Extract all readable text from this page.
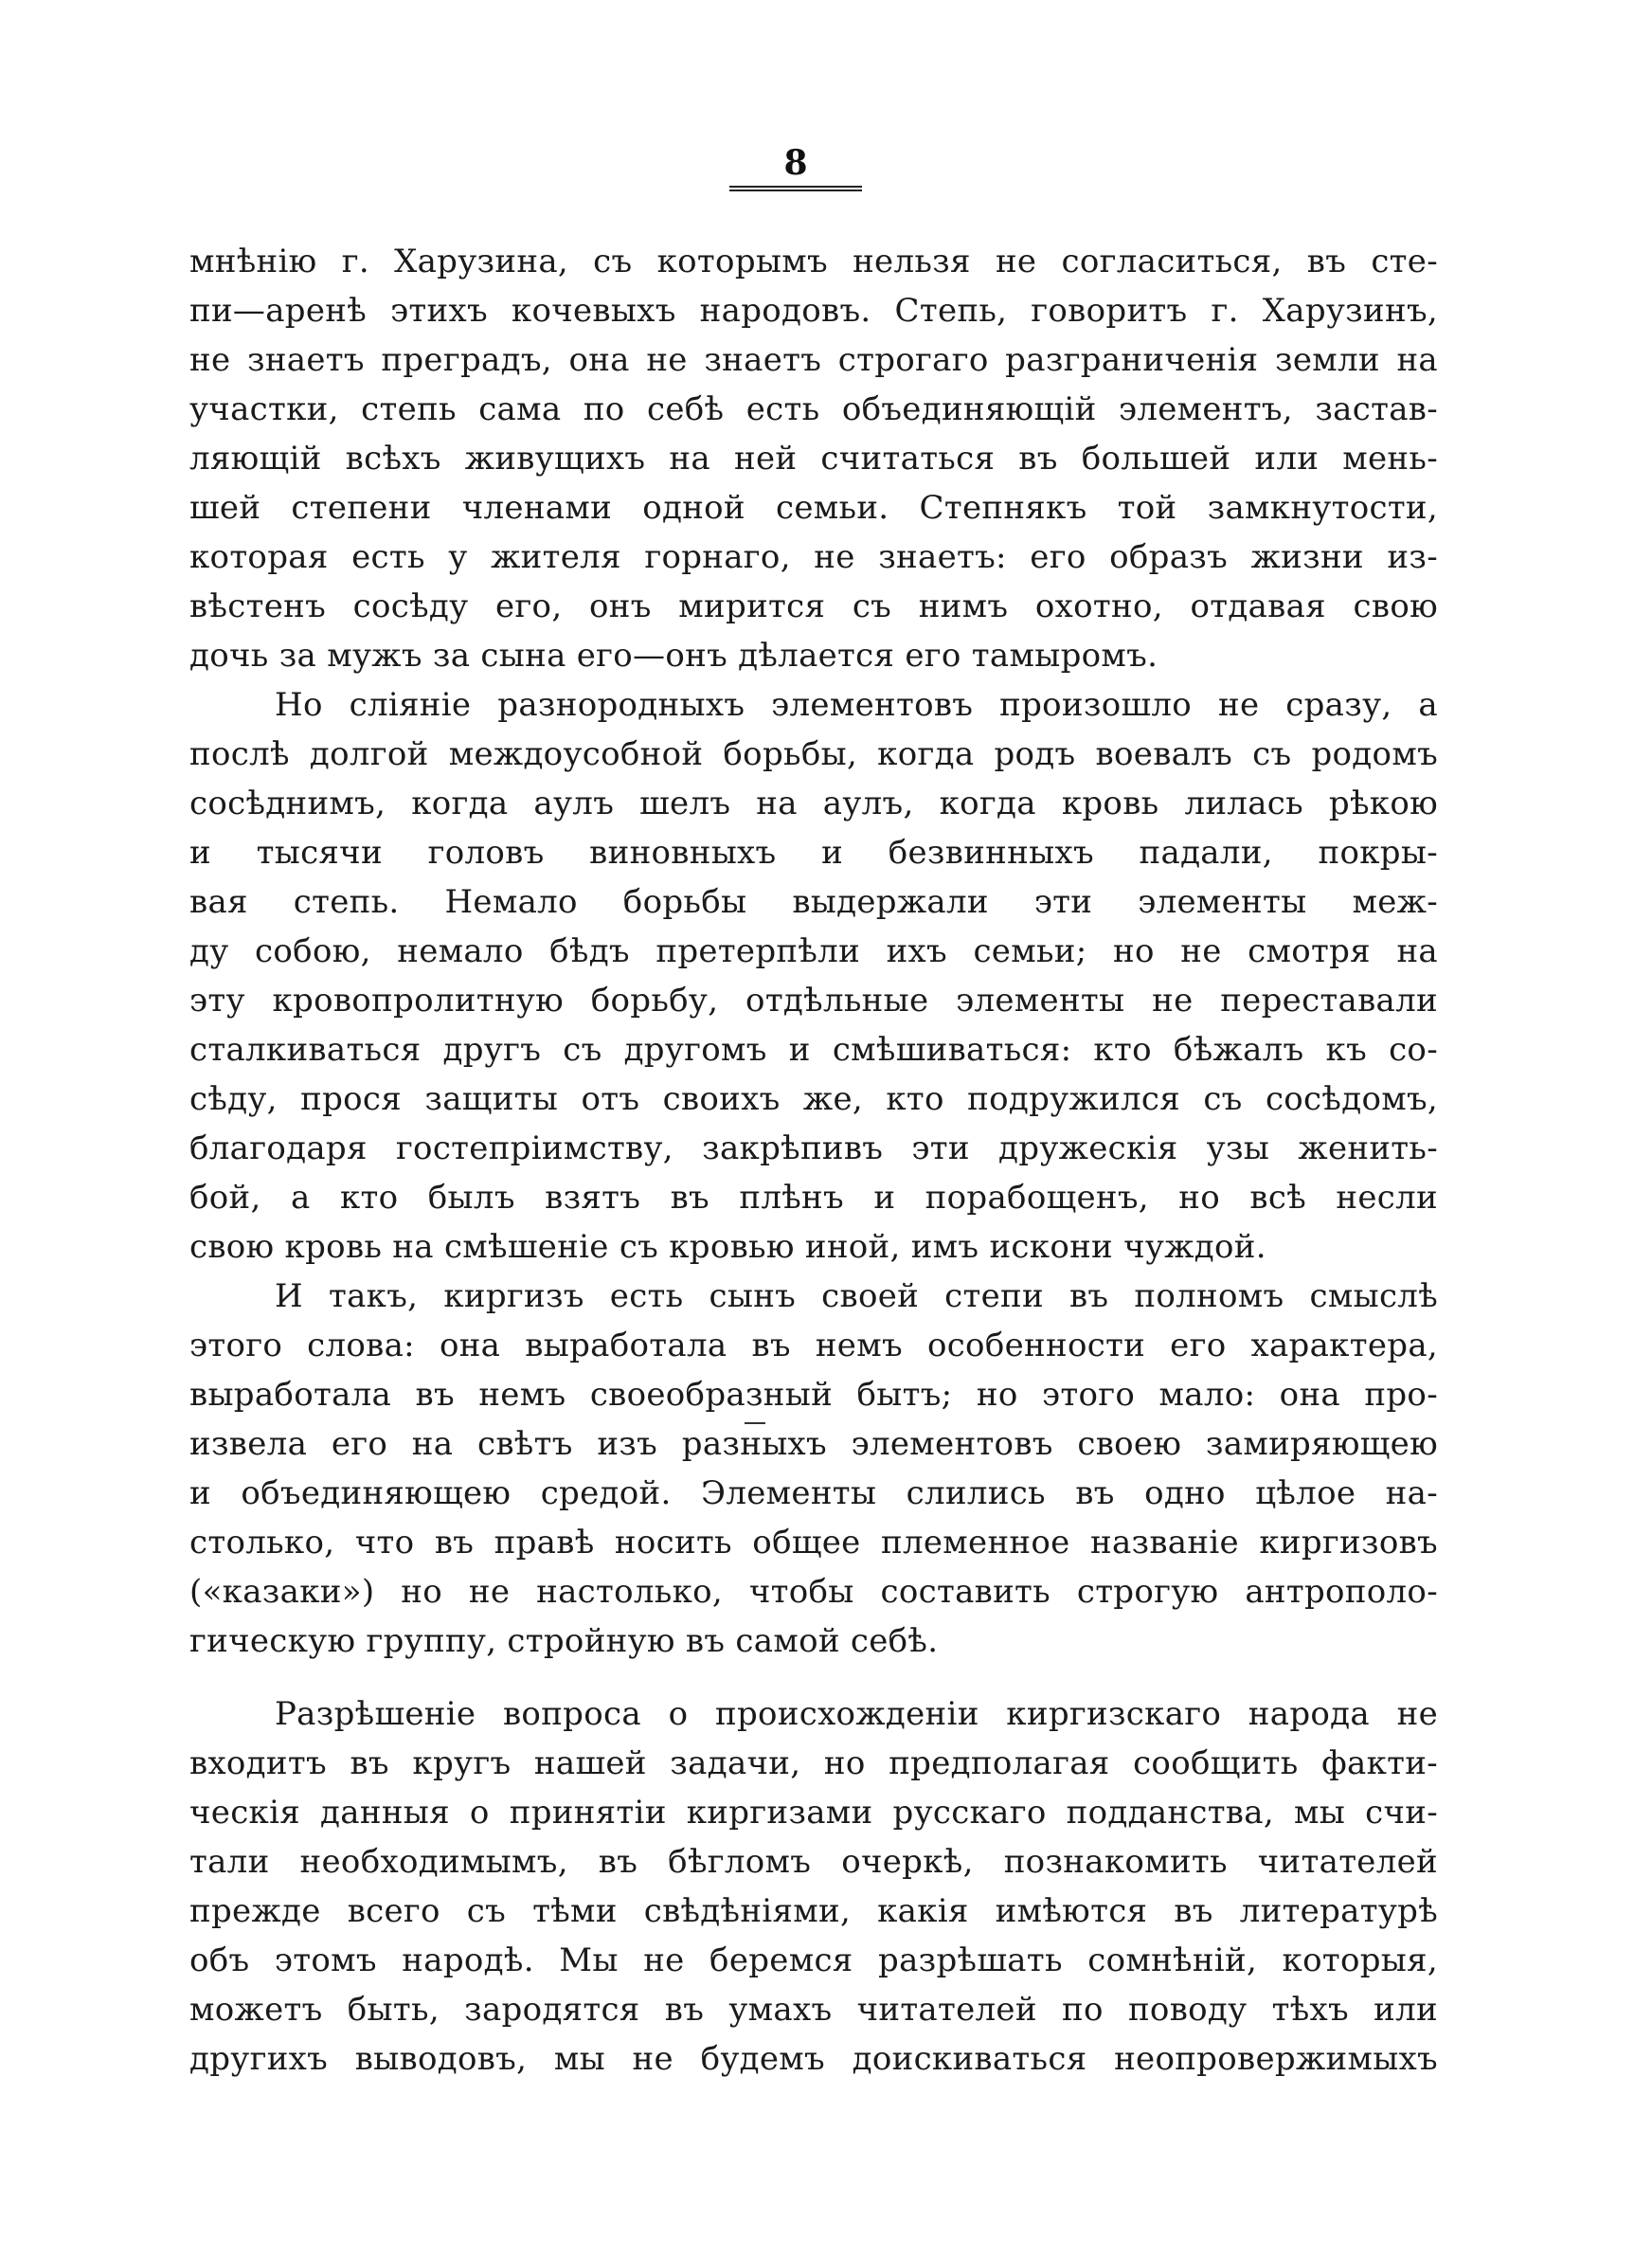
8
мнѣнію г. Харузина, съ которымъ нельзя не согласиться, въ сте-
пи—аренѣ этихъ кочевыхъ народовъ. Степь, говоритъ г. Харузинъ,
не знаетъ преградъ, она не знаетъ строгаго разграниченія земли на
участки, степь сама по себѣ есть объединяющій элементъ, застав-
ляющій всѣхъ живущихъ на ней считаться въ большей или мень-
шей степени членами одной семьи. Степнякъ той замкнутости,
которая есть у жителя горнаго, не знаетъ: его образъ жизни из-
вѣстенъ сосѣду его, онъ мирится съ нимъ охотно, отдавая свою
дочь за мужъ за сына его—онъ дѣлается его тамыромъ.
Но сліяніе разнородныхъ элементовъ произошло не сразу, а
послѣ долгой междоусобной борьбы, когда родъ воевалъ съ родомъ
сосѣднимъ, когда аулъ шелъ на аулъ, когда кровь лилась рѣкою
и тысячи головъ виновныхъ и безвинныхъ падали, покры-
вая степь. Немало борьбы выдержали эти элементы меж-
ду собою, немало бѣдъ претерпѣли ихъ семьи; но не смотря на
эту кровопролитную борьбу, отдѣльные элементы не переставали
сталкиваться другъ съ другомъ и смѣшиваться: кто бѣжалъ къ со-
сѣду, прося защиты отъ своихъ же, кто подружился съ сосѣдомъ,
благодаря гостепріимству, закрѣпивъ эти дружескія узы женить-
бой, а кто былъ взятъ въ плѣнъ и порабощенъ, но всѣ несли
свою кровь на смѣшеніе съ кровью иной, имъ искони чуждой.
И такъ, киргизъ есть сынъ своей степи въ полномъ смыслѣ
этого слова: она выработала въ немъ особенности его характера,
выработала въ немъ своеобразный бытъ; но этого мало: она про-
извела его на свѣтъ изъ разныхъ элементовъ своею замиряющею
и объединяющею средой. Элементы слились въ одно цѣлое на-
столько, что въ правѣ носить общее племенное названіе киргизовъ
(«казаки») но не настолько, чтобы составить строгую антрополо-
гическую группу, стройную въ самой себѣ.
Разрѣшеніе вопроса о происхожденіи киргизскаго народа не
входитъ въ кругъ нашей задачи, но предполагая сообщить факти-
ческія данныя о принятіи киргизами русскаго подданства, мы счи-
тали необходимымъ, въ бѣгломъ очеркѣ, познакомить читателей
прежде всего съ тѣми свѣдѣніями, какія имѣются въ литературѣ
объ этомъ народѣ. Мы не беремся разрѣшать сомнѣній, которыя,
можетъ быть, зародятся въ умахъ читателей по поводу тѣхъ или
другихъ выводовъ, мы не будемъ доискиваться неопровержимыхъ
